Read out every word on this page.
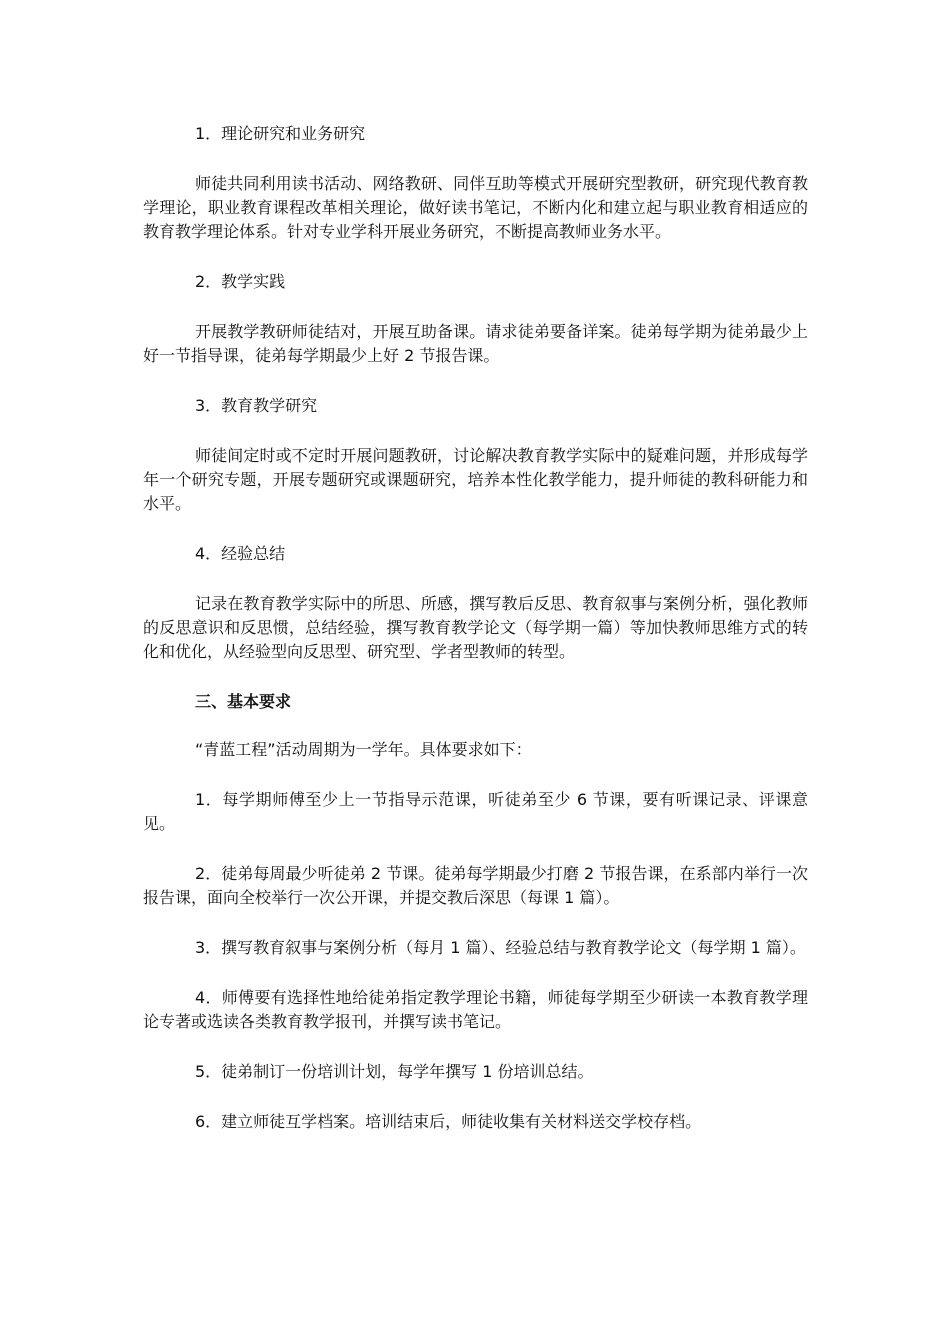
1．理论研究和业务研究

师徒共同利用读书活动、网络教研、同伴互助等模式开展研究型教研，研究现代教育教学理论，职业教育课程改革相关理论，做好读书笔记，不断内化和建立起与职业教育相适应的教育教学理论体系。针对专业学科开展业务研究，不断提高教师业务水平。

2．教学实践

开展教学教研师徒结对，开展互助备课。请求徒弟要备详案。徒弟每学期为徒弟最少上好一节指导课，徒弟每学期最少上好 2 节报告课。

3．教育教学研究

师徒间定时或不定时开展问题教研，讨论解决教育教学实际中的疑难问题，并形成每学年一个研究专题，开展专题研究或课题研究，培养本性化教学能力，提升师徒的教科研能力和水平。

4．经验总结

记录在教育教学实际中的所思、所感，撰写教后反思、教育叙事与案例分析，强化教师的反思意识和反思惯，总结经验，撰写教育教学论文（每学期一篇）等加快教师思维方式的转化和优化，从经验型向反思型、研究型、学者型教师的转型。

三、基本要求

“青蓝工程”活动周期为一学年。具体要求如下：

1．每学期师傅至少上一节指导示范课，听徒弟至少 6 节课，要有听课记录、评课意见。

2．徒弟每周最少听徒弟 2 节课。徒弟每学期最少打磨 2 节报告课，在系部内举行一次报告课，面向全校举行一次公开课，并提交教后深思（每课 1 篇）。

3．撰写教育叙事与案例分析（每月 1 篇）、经验总结与教育教学论文（每学期 1 篇）。

4．师傅要有选择性地给徒弟指定教学理论书籍，师徒每学期至少研读一本教育教学理论专著或选读各类教育教学报刊，并撰写读书笔记。

5．徒弟制订一份培训计划，每学年撰写 1 份培训总结。

6．建立师徒互学档案。培训结束后，师徒收集有关材料送交学校存档。
